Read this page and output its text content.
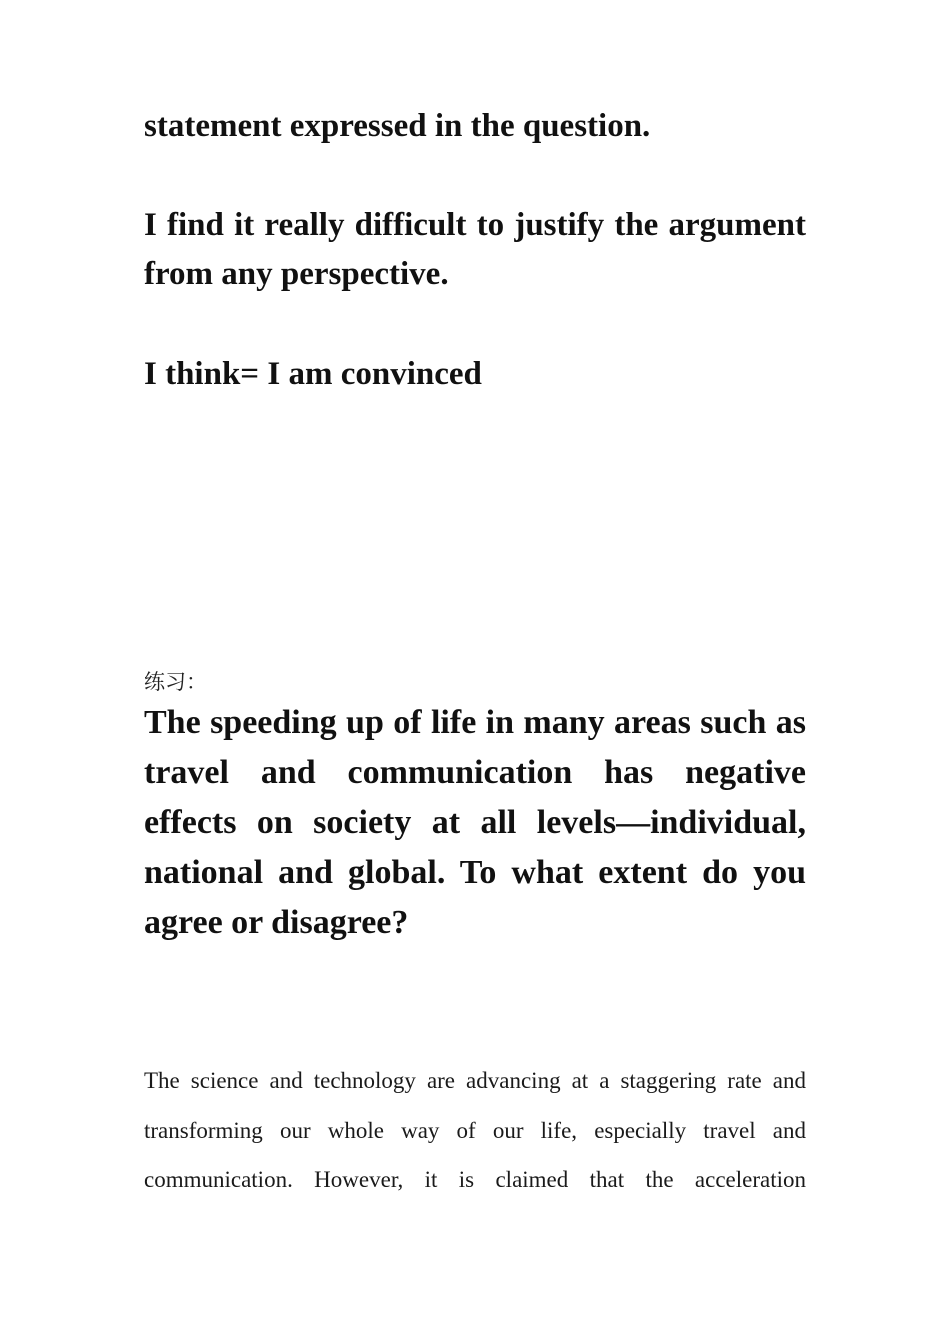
statement expressed in the question.

I find it really difficult to justify the argument from any perspective.

I think= I am convinced

练习：

The speeding up of life in many areas such as travel and communication has negative effects on society at all levels—individual, national and global. To what extent do you agree or disagree?

The science and technology are advancing at a staggering rate and transforming our whole way of our life, especially travel and communication. However, it is claimed that the acceleration
